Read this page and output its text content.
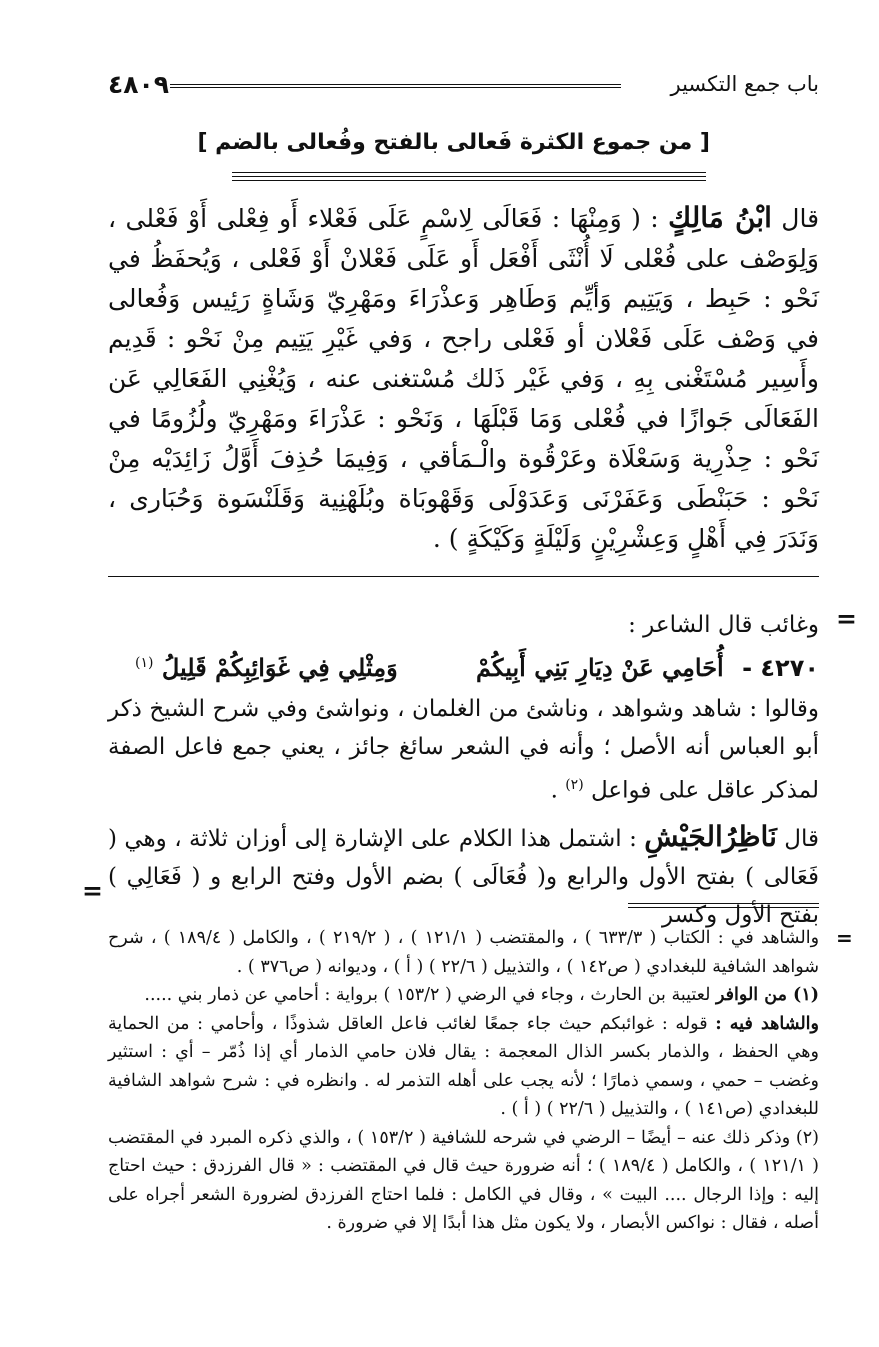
باب جمع التكسير
٤٨٠٩
[ من جموع الكثرة فَعالى بالفتح وفُعالى بالضم ]

قال ابْنُ مَالِكٍ : ( وَمِنْهَا : فَعَالَى لِاسْمٍ عَلَى فَعْلاء أَو فِعْلى أَوْ فَعْلى ، وَلِوَصْف على فُعْلى لَا أُنْثَى أَفْعَل أَو عَلَى فَعْلانْ أَوْ فَعْلى ، وَيُحفَظُ في نَحْو : حَبِط ، وَيَتِيم وَأيِّم وَطَاهِر وَعذْرَاءَ ومَهْرِيّ وَشَاةٍ رَئِيس وَفُعالى في وَصْف عَلَى فَعْلان أو فَعْلى راجح ، وَفي غَيْرِ يَتِيم مِنْ نَحْو : قَدِيم وأَسِير مُسْتَغْنى بِهِ ، وَفي غَيْر ذَلك مُسْتغنى عنه ، وَيُغْنِي الفَعَالِي عَن الفَعَالَى جَوازًا في فُعْلى وَمَا قَبْلَهَا ، وَنَحْو : عَذْرَاءَ ومَهْرِيّ ولُزُومًا في نَحْو : حِذْرِية وَسَعْلَاة وعَرْقُوة والْـمَأقي ، وَفِيمَا حُذِفَ أَوَّلُ زَائِدَيْه مِنْ نَحْو : حَبَنْطَى وَعَفَرْنَى وَعَدَوْلَى وَقَهْوبَاة وبُلَهْنِية وَقَلَنْسَوة وَحُبَارى ، وَنَدَرَ فِي أَهْلٍ وَعِشْرِيْنٍ وَلَيْلَةٍ وَكَيْكَةٍ ) .

=
وغائب قال الشاعر :
٤٢٧٠ - أُحَامِي عَنْ دِيَارِ بَنِي أَبِيكُمْ وَمِثْلِي فِي غَوَائِبِكُمْ قَلِيلُ $^{(١)}$

وقالوا : شاهد وشواهد ، وناشئ من الغلمان ، ونواشئ وفي شرح الشيخ ذكر أبو العباس أنه الأصل ؛ وأنه في الشعر سائغ جائز ، يعني جمع فاعل الصفة لمذكر عاقل على فواعل $^{(٢)}$ .

قال نَاظِرُالجَيْشِ : اشتمل هذا الكلام على الإشارة إلى أوزان ثلاثة ، وهي ( فَعَالى ) بفتح الأول والرابع و( فُعَالَى ) بضم الأول وفتح الرابع و ( فَعَالِي ) بفتح الأول وكسر

=
=

والشاهد في : الكتاب ( ٦٣٣/٣ ) ، والمقتضب ( ١٢١/١ ) ، ( ٢١٩/٢ ) ، والكامل ( ١٨٩/٤ ) ، شرح شواهد الشافية للبغدادي ( ص١٤٢ ) ، والتذييل ( ٢٢/٦ ) ( أ ) ، وديوانه ( ص٣٧٦ ) .

(١) من الوافر لعتيبة بن الحارث ، وجاء في الرضي ( ١٥٣/٢ ) برواية : أحامي عن ذمار بني .....

والشاهد فيه : قوله : غوائبكم حيث جاء جمعًا لغائب فاعل العاقل شذوذًا ، وأحامي : من الحماية وهي الحفظ ، والذمار بكسر الذال المعجمة : يقال فلان حامي الذمار أي إذا ذُمّر – أي : استثير وغضب – حمي ، وسمي ذمارًا ؛ لأنه يجب على أهله التذمر له . وانظره في : شرح شواهد الشافية للبغدادي (ص١٤١ ) ، والتذييل ( ٢٢/٦ ) ( أ ) .

(٢) وذكر ذلك عنه – أيضًا – الرضي في شرحه للشافية ( ١٥٣/٢ ) ، والذي ذكره المبرد في المقتضب ( ١٢١/١ ) ، والكامل ( ١٨٩/٤ ) ؛ أنه ضرورة حيث قال في المقتضب : « قال الفرزدق : حيث احتاج إليه : وإذا الرجال .... البيت » ، وقال في الكامل : فلما احتاج الفرزدق لضرورة الشعر أجراه على أصله ، فقال : نواكس الأبصار ، ولا يكون مثل هذا أبدًا إلا في ضرورة .
